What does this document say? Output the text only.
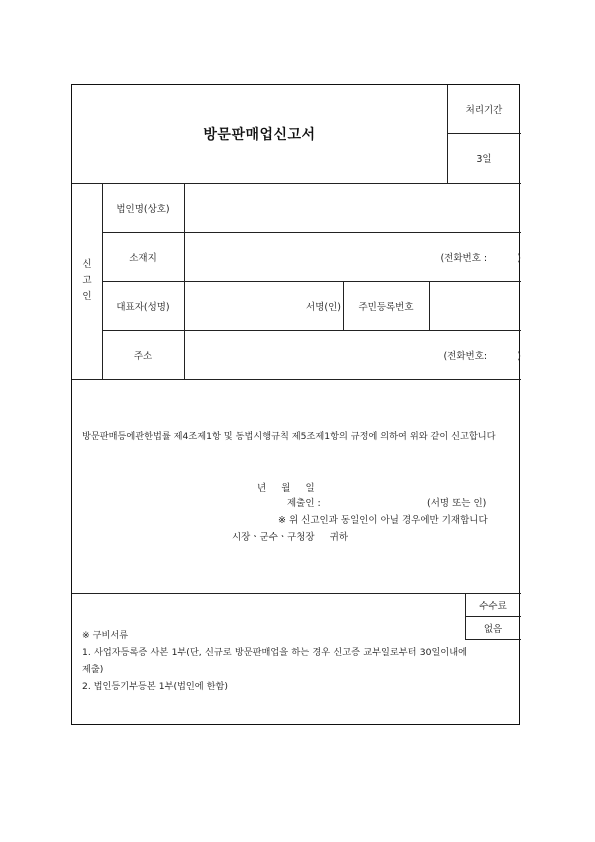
방문판매업신고서
처리기간
3일
신
고
인
법인명(상호)
소재지	(전화번호 :          )
대표자(성명)	서명(인)	주민등록번호
주소	(전화번호:          )
방문판매등에관한법률 제4조제1항 및 동법시행규칙 제5조제1항의 규정에 의하여 위와 같이 신고합니다
년     월     일
제출인 :	(서명 또는 인)
※ 위 신고인과 동일인이 아닐 경우에만 기재합니다
시장ㆍ군수ㆍ구청장     귀하
수수료
없음
※ 구비서류
1. 사업자등록증 사본 1부(단, 신규로 방문판매업을 하는 경우 신고증 교부일로부터 30일이내에 제출)
2. 법인등기부등본 1부(법인에 한함)
